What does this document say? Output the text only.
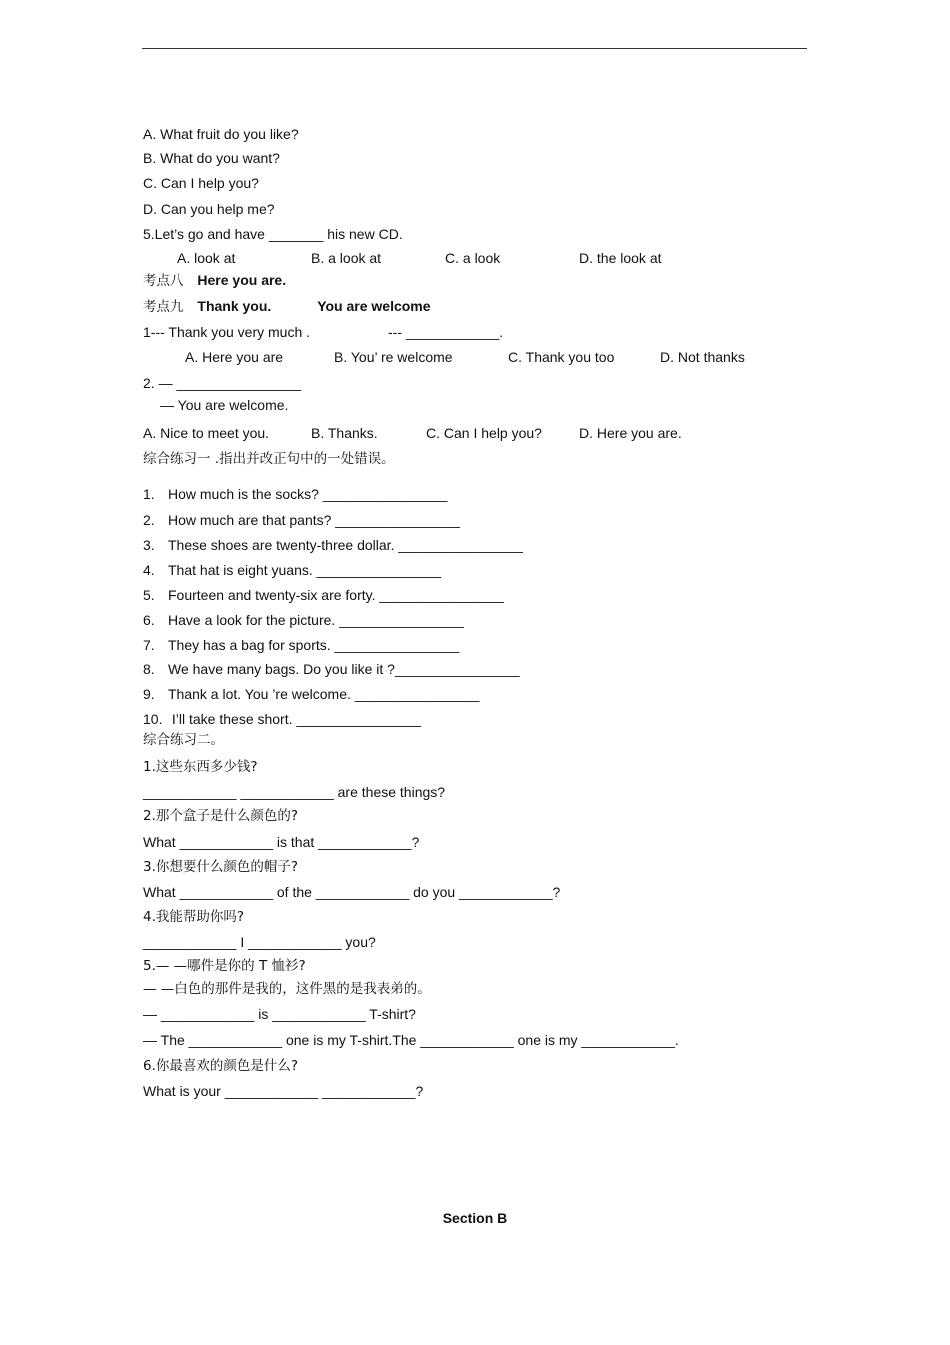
A. What fruit do you like?
B. What do you want?
C. Can I help you?
D. Can you help me?
5.Let’s go and have _______ his new CD.
A. look at	B. a look at	C. a look	D. the look at
考点八 Here you are.
考点九 Thank you.	You are welcome
1--- Thank you very much .	--- ____________.
A. Here you are	B. You’ re welcome	C. Thank you too	D. Not thanks
2. — ________________
— You are welcome.
A. Nice to meet you.	B. Thanks.	C. Can I help you?	D. Here you are.
综合练习一 .指出并改正句中的一处错误。
1. How much is the socks? ________________
2. How much are that pants? ________________
3. These shoes are twenty-three dollar. ________________
4. That hat is eight yuans. ________________
5. Fourteen and twenty-six are forty. ________________
6. Have a look for the picture. ________________
7. They has a bag for sports. ________________
8. We have many bags. Do you like it ?________________
9. Thank a lot. You ’re welcome. ________________
10. I’ll take these short. ________________
综合练习二。
1.这些东西多少钱?
____________ ____________ are these things?
2.那个盒子是什么颜色的?
What ____________ is that ____________?
3.你想要什么颜色的帽子?
What ____________ of the ____________ do you ____________?
4.我能帮助你吗?
____________ I ____________ you?
5.— —哪件是你的 T 恤衫?
— —白色的那件是我的，这件黑的是我表弟的。
— ____________ is ____________ T-shirt?
— The ____________ one is my T-shirt.The ____________ one is my ____________.
6.你最喜欢的颜色是什么?
What is your ____________ ____________?
Section B
